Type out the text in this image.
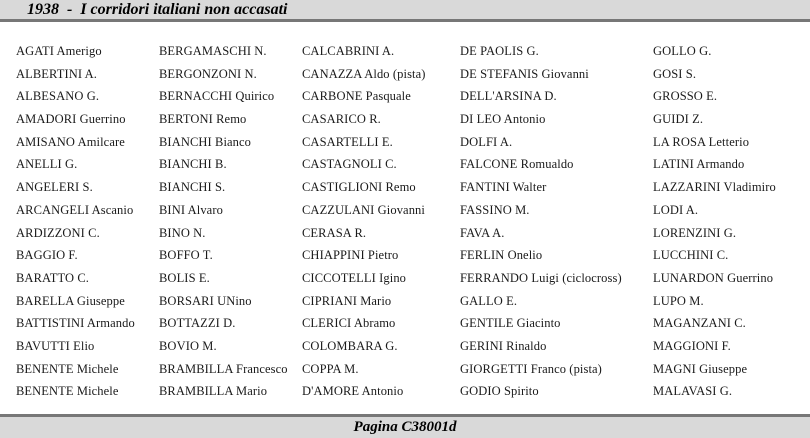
1938  -  I corridori italiani non accasati
AGATI Amerigo
ALBERTINI A.
ALBESANO G.
AMADORI Guerrino
AMISANO Amilcare
ANELLI G.
ANGELERI S.
ARCANGELI Ascanio
ARDIZZONI C.
BAGGIO F.
BARATTO C.
BARELLA Giuseppe
BATTISTINI Armando
BAVUTTI Elio
BENENTE Michele
BENENTE Michele
BERGAMASCHI N.
BERGONZONI N.
BERNACCHI Quirico
BERTONI Remo
BIANCHI Bianco
BIANCHI B.
BIANCHI S.
BINI Alvaro
BINO N.
BOFFO T.
BOLIS E.
BORSARI UNino
BOTTAZZI D.
BOVIO M.
BRAMBILLA Francesco
BRAMBILLA Mario
CALCABRINI A.
CANAZZA Aldo (pista)
CARBONE Pasquale
CASARICO R.
CASARTELLI E.
CASTAGNOLI C.
CASTIGLIONI Remo
CAZZULANI Giovanni
CERASA R.
CHIAPPINI Pietro
CICCOTELLI Igino
CIPRIANI Mario
CLERICI Abramo
COLOMBARA G.
COPPA M.
D'AMORE Antonio
DE PAOLIS G.
DE STEFANIS Giovanni
DELL'ARSINA D.
DI LEO Antonio
DOLFI A.
FALCONE Romualdo
FANTINI Walter
FASSINO M.
FAVA A.
FERLIN Onelio
FERRANDO Luigi (ciclocross)
GALLO E.
GENTILE Giacinto
GERINI Rinaldo
GIORGETTI Franco (pista)
GODIO Spirito
GOLLO G.
GOSI S.
GROSSO E.
GUIDI Z.
LA ROSA Letterio
LATINI Armando
LAZZARINI Vladimiro
LODI A.
LORENZINI G.
LUCCHINI C.
LUNARDON Guerrino
LUPO M.
MAGANZANI C.
MAGGIONI F.
MAGNI Giuseppe
MALAVASI G.
Pagina C38001d
